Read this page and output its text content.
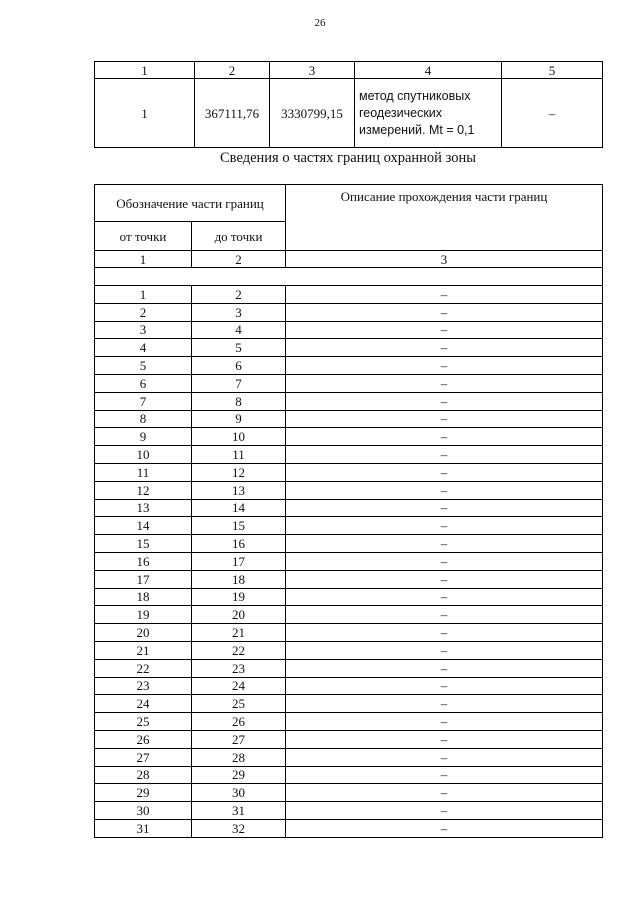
26
1	2	3	4	5
1	367111,76	3330799,15	метод спутниковых геодезических измерений. Mt = 0,1	–
Сведения о частях границ охранной зоны
Обозначение части границ		Описание прохождения части границ
от точки	до точки	
1	2	3

1	2	–
2	3	–
3	4	–
4	5	–
5	6	–
6	7	–
7	8	–
8	9	–
9	10	–
10	11	–
11	12	–
12	13	–
13	14	–
14	15	–
15	16	–
16	17	–
17	18	–
18	19	–
19	20	–
20	21	–
21	22	–
22	23	–
23	24	–
24	25	–
25	26	–
26	27	–
27	28	–
28	29	–
29	30	–
30	31	–
31	32	–
